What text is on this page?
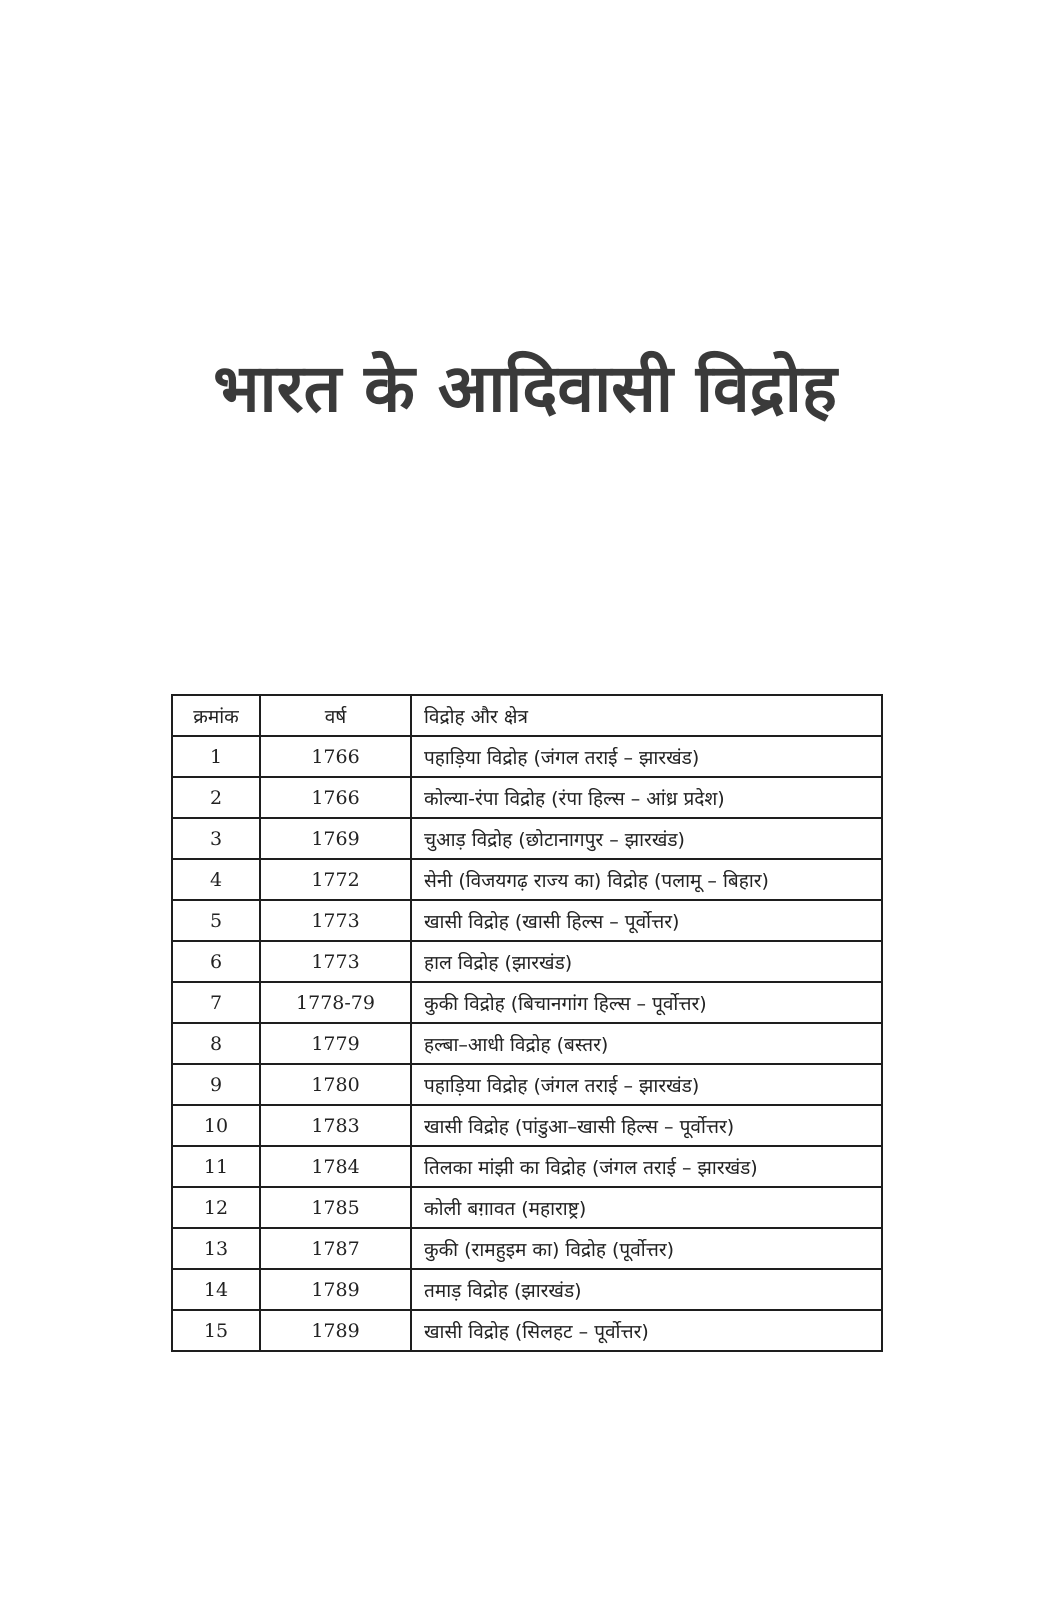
भारत के आदिवासी विद्रोह
क्रमांक	वर्ष	विद्रोह और क्षेत्र
1	1766	पहाड़िया विद्रोह (जंगल तराई – झारखंड)
2	1766	कोल्या-रंपा विद्रोह (रंपा हिल्स – आंध्र प्रदेश)
3	1769	चुआड़ विद्रोह (छोटानागपुर – झारखंड)
4	1772	सेनी (विजयगढ़ राज्य का) विद्रोह (पलामू – बिहार)
5	1773	खासी विद्रोह (खासी हिल्स – पूर्वोत्तर)
6	1773	हाल विद्रोह (झारखंड)
7	1778-79	कुकी विद्रोह (बिचानगांग हिल्स – पूर्वोत्तर)
8	1779	हल्बा–आधी विद्रोह (बस्तर)
9	1780	पहाड़िया विद्रोह (जंगल तराई – झारखंड)
10	1783	खासी विद्रोह (पांडुआ–खासी हिल्स – पूर्वोत्तर)
11	1784	तिलका मांझी का विद्रोह (जंगल तराई – झारखंड)
12	1785	कोली बग़ावत (महाराष्ट्र)
13	1787	कुकी (रामहुइम का) विद्रोह (पूर्वोत्तर)
14	1789	तमाड़ विद्रोह (झारखंड)
15	1789	खासी विद्रोह (सिलहट – पूर्वोत्तर)
